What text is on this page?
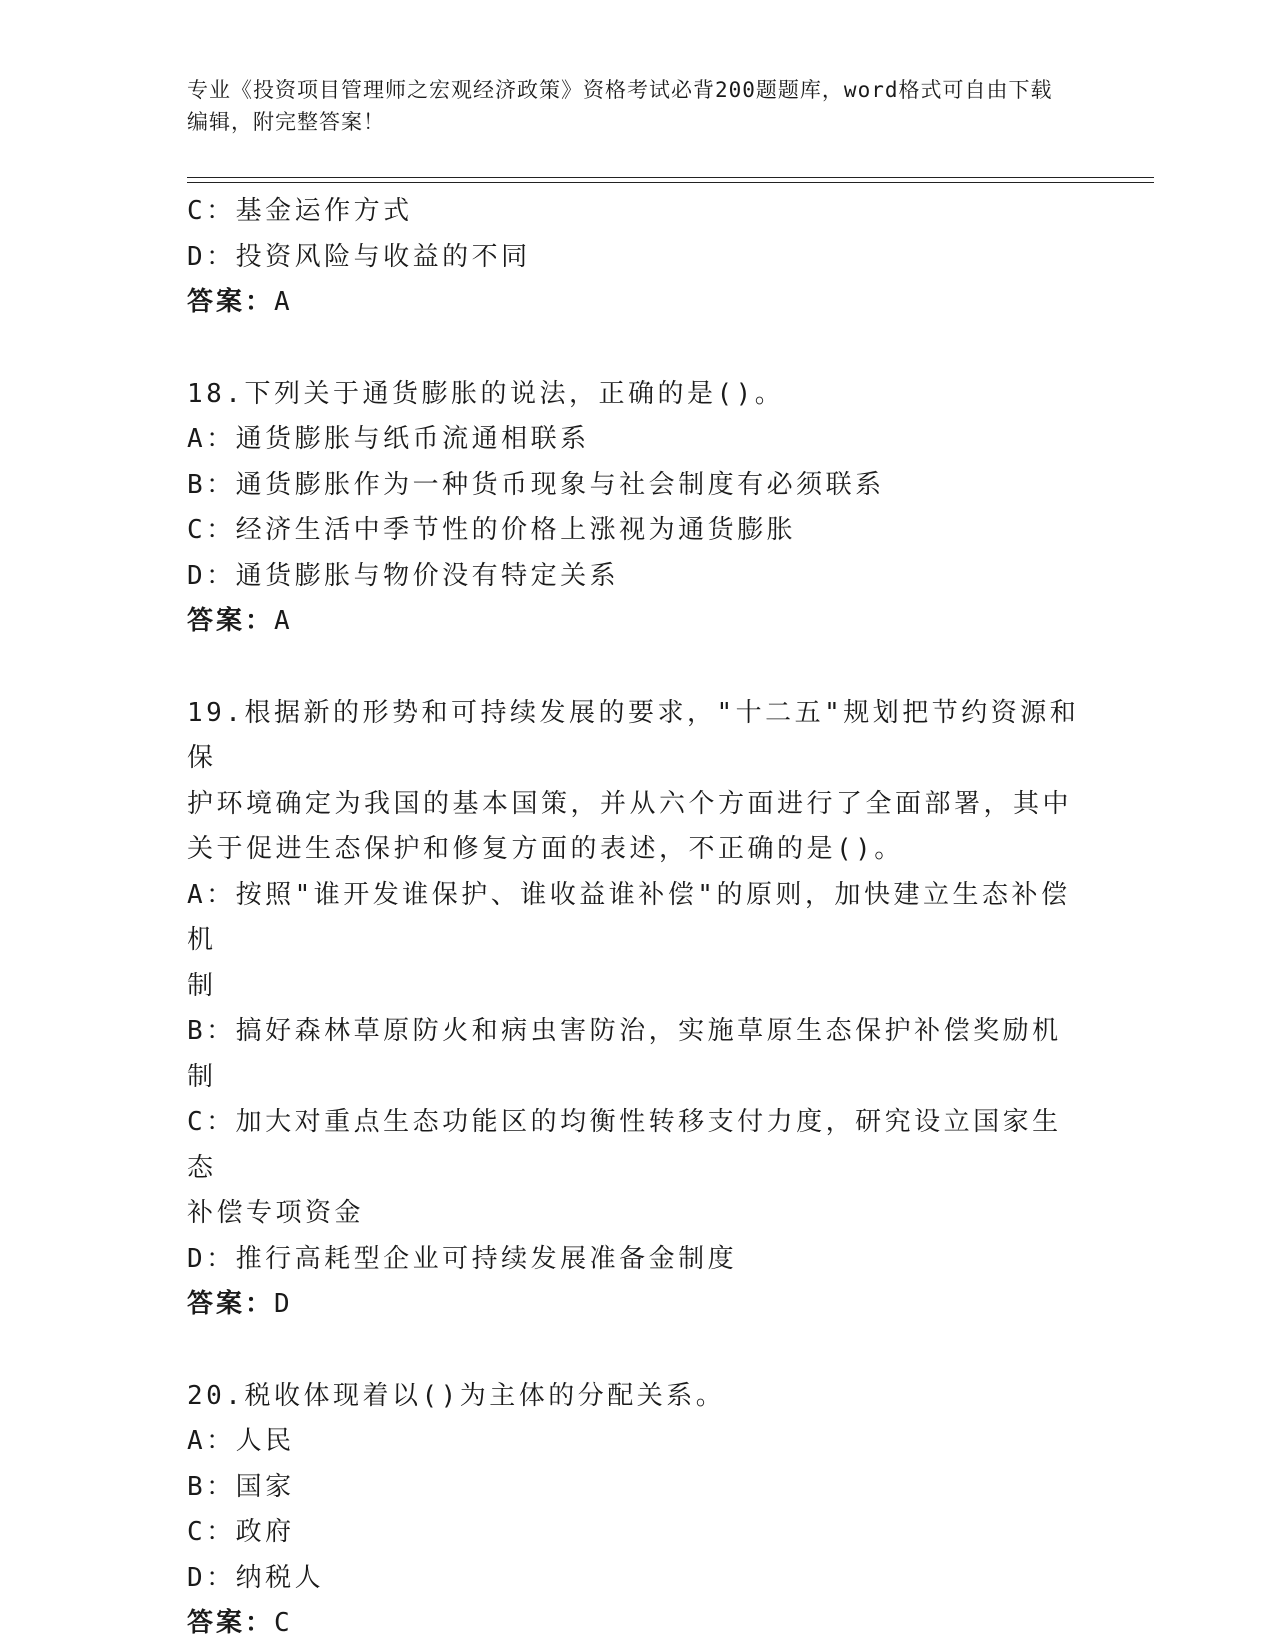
专业《投资项目管理师之宏观经济政策》资格考试必背200题题库，word格式可自由下载编辑，附完整答案！

C：基金运作方式

D：投资风险与收益的不同

答案：A

18.下列关于通货膨胀的说法，正确的是()。

A：通货膨胀与纸币流通相联系

B：通货膨胀作为一种货币现象与社会制度有必须联系

C：经济生活中季节性的价格上涨视为通货膨胀

D：通货膨胀与物价没有特定关系

答案：A

19.根据新的形势和可持续发展的要求，"十二五"规划把节约资源和保

护环境确定为我国的基本国策，并从六个方面进行了全面部署，其中

关于促进生态保护和修复方面的表述，不正确的是()。

A：按照"谁开发谁保护、谁收益谁补偿"的原则，加快建立生态补偿机

制

B：搞好森林草原防火和病虫害防治，实施草原生态保护补偿奖励机制

C：加大对重点生态功能区的均衡性转移支付力度，研究设立国家生态

补偿专项资金

D：推行高耗型企业可持续发展准备金制度

答案：D

20.税收体现着以()为主体的分配关系。

A：人民

B：国家

C：政府

D：纳税人

答案：C
